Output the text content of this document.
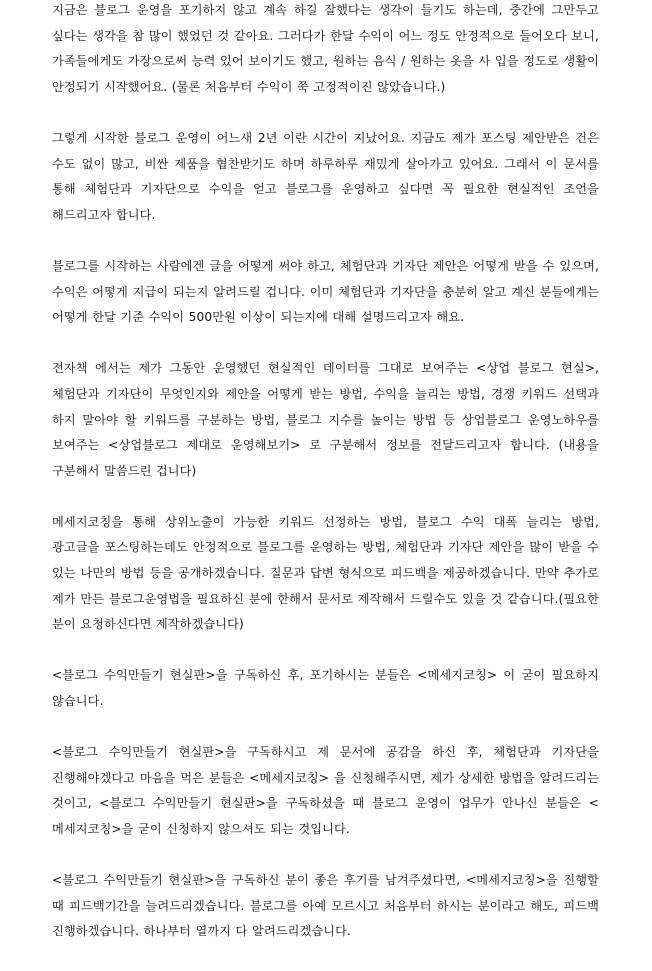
지금은 블로그 운영을 포기하지 않고 계속 하길 잘했다는 생각이 들기도 하는데, 중간에 그만두고 싶다는 생각을 참 많이 했었던 것 같아요. 그러다가 한달 수익이 어느 정도 안정적으로 들어오다 보니, 가족들에게도 가장으로써 능력 있어 보이기도 했고, 원하는 음식 / 원하는 옷을 사 입을 정도로 생활이 안정되기 시작했어요. (물론 처음부터 수익이 쭉 고정적이진 않았습니다.)

그렇게 시작한 블로그 운영이 어느새 2년 이란 시간이 지났어요. 지금도 제가 포스팅 제안받은 건은 수도 없이 많고, 비싼 제품을 협찬받기도 하며 하루하루 재밌게 살아가고 있어요. 그래서 이 문서를 통해 체험단과 기자단으로 수익을 얻고 블로그를 운영하고 싶다면 꼭 필요한 현실적인 조언을 해드리고자 합니다.

블로그를 시작하는 사람에겐 글을 어떻게 써야 하고, 체험단과 기자단 제안은 어떻게 받을 수 있으며, 수익은 어떻게 지급이 되는지 알려드릴 겁니다. 이미 체험단과 기자단을 충분히 알고 계신 분들에게는 어떻게 한달 기준 수익이 500만원 이상이 되는지에 대해 설명드리고자 해요.

전자책 에서는 제가 그동안 운영했던 현실적인 데이터를 그대로 보여주는 <상업 블로그 현실>, 체험단과 기자단이 무엇인지와 제안을 어떻게 받는 방법, 수익을 늘리는 방법, 경쟁 키워드 선택과 하지 말아야 할 키워드를 구분하는 방법, 블로그 지수를 높이는 방법 등 상업블로그 운영노하우를 보여주는 <상업블로그 제대로 운영해보기> 로 구분해서 정보를 전달드리고자 합니다. (내용을 구분해서 말씀드린 겁니다)

메세지코칭을 통해 상위노출이 가능한 키워드 선정하는 방법, 블로그 수익 대폭 늘리는 방법, 광고글을 포스팅하는데도 안정적으로 블로그를 운영하는 방법, 체험단과 기자단 제안을 많이 받을 수 있는 나만의 방법 등을 공개하겠습니다. 질문과 답변 형식으로 피드백을 제공하겠습니다. 만약 추가로 제가 만든 블로그운영법을 필요하신 분에 한해서 문서로 제작해서 드릴수도 있을 것 같습니다.(필요한 분이 요청하신다면 제작하겠습니다)

<블로그 수익만들기 현실판>을 구독하신 후, 포기하시는 분들은 <메세지코칭> 이 굳이 필요하지 않습니다.

<블로그 수익만들기 현실판>을 구독하시고 제 문서에 공감을 하신 후, 체험단과 기자단을 진행해야겠다고 마음을 먹은 분들은 <메세지코칭> 을 신청해주시면, 제가 상세한 방법을 알려드리는 것이고, <블로그 수익만들기 현실판>을 구독하셨을 때 블로그 운영이 업무가 안나신 분들은 <메세지코칭>을 굳이 신청하지 않으셔도 되는 것입니다.

<블로그 수익만들기 현실판>을 구독하신 분이 좋은 후기를 남겨주셨다면, <메세지코칭>을 진행할 때 피드백기간을 늘려드리겠습니다. 블로그를 아예 모르시고 처음부터 하시는 분이라고 해도, 피드백 진행하겠습니다. 하나부터 열까지 다 알려드리겠습니다.
